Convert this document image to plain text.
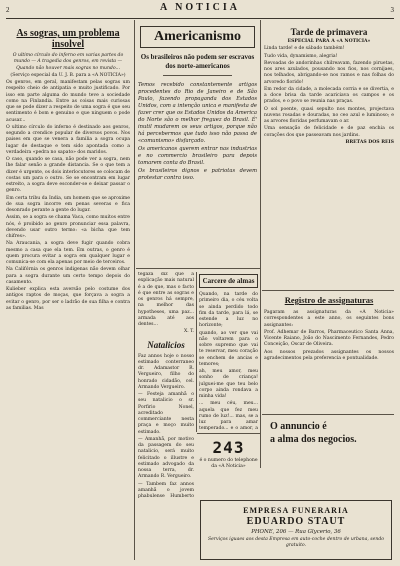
2	A NOTICIA	3
As sogras, um problema insolvel
O ultimo círculo do inferno em varias partes do mundo — A tragedia dos genros, em revista — Quando não houver mais sogras no mundo...
(Serviço especial da U. J. B. para a «A NOTICIA»)

Os genros, em geral, manifestam pelas sogras um respeito cheio de antipatia e muito justificado. Por isso em parte alguma do mundo teve a sociedade como na Finlandia. Entre as coisas mais curiosas que se pode dizer a respeito de uma sogra é que seu sentimento é bom e genuino e que ninguem o pode acusar...

O ultimo círculo do inferno é destinado aos genros, segundo a crendice popular de diversos povos. Nos paises em que se venera a familia a sogra ocupa lugar de destaque e tem sido apontada como a verdadeira «pedra no sapato» dos maridos.

O caso, quando se casa, não pode ver a sogra, nem lhe falar senão a grande distancia. Se o que tem a dizer é urgente, os dois interlocutores se colocam de costas um para o outro. Se se encontram em lugar estreito, a sogra deve esconder-se e deixar passar o genro.

Em certa tribu da India, um homem que se aproxime de sua sogra incorre em penas severas e fica desonrado perante a gente do lugar.

Assim, se a sogra se chama Vaca, como muitos entre nós, é proibido ao genro pronunciar essa palavra, devendo usar outro termo: «a bicha que tem chifres».

Na Araucania, a sogra deve fugir quando cobra mesmo a casa que ela tem. Em outras, o genro é quem procura evitar a sogra em qualquer lugar e comunica-se com ela apenas por meio de terceiros.

Na Califórnia os genros indigenas não devem olhar para a sogra durante um certo tempo depois do casamento.

Kulieber explica esta aversão pelo costume dos antigos raptos de moças, que forçava a sogra a evitar o genro, por ser o ladrão de sua filha e contra as familias. Mas

Americanismo
Os brasileiros não podem ser escravos dos norte-americanos

Temos recebido constantemente artigos procedentes do Rio de Janeiro e de São Paulo, fazendo propaganda dos Estados Unidos, com a intenção unica e manifesta de fazer crer que os Estados Unidos da America do Norte são o melhor freguez do Brasil. É' inutil mudarem os seus artigos, porque não há percebermos que tudo isso não passa de «comunismo» disfarçado.

Os americanos querem entrar nas industrias e no commercio brasileiro para depois tomarem conta do Brasil.

Os brasileiros dignos e patriotas devem protestar contra isso.

tegaza diz que a explicação mais natural é a de que, mas o facto é que entre as sogras e os genros há sempre, na melhor das hypotheses, uma paz... armada até aos dentes...

X. T.

Natalicios

Faz annos hoje o nosso estimado conterraneo dr. Adamastor R. Vergueiro, filho do honrado cidadão, cel. Armando Vergueiro.

— Festeja amanhã o seu natalicio o sr. Porfirio Nonel, acreditado commerciante nesta praça e moço muito estimado.

— Amanhã, por motivo da passagem do seu natalicio, será muito felicitado o illustre e estimado advogado da nossa terra, dr. Armando R. Vergueiro.

— Tambem faz annos amanhã o jovem phabulense Humberto

Carcere de almas

Quando, na tarde do primeiro dia, o céu volta se ainda perdido todo fim da tarde, para lá, se estende a luz no horizonte;

quando, ao ver que vai não voltarem para o sobre supremo que vai te reservar, meu coração se enchem de ancias e temores;

ah, meu amor, meu sonho de criança! julguei-me que teu belo corpo ainda rondava a minha vida!

... meu céu, meu... aquela que fez meu rumo de luz!... mas, se a luz para amar temperado... e o amor, a

243
é o numero do telephone da «A Noticia»
Tarde de primavera
ESPECIAL PARA A «A NOTICIA»

Linda tarde! e de sábado também!

Tudo vida, dynamismo, alegria!

Revoadas de andorinhas chilreavam, fazendo piruetas, nos ares azulados, pousando nos fios, nos cornijaes, nos telhados, abrigando-se nos ramos e nas folhas do arvoredo florido!

Em redor da cidade, a molecada corria e se divertia, e a doce brisa da tarde acariciava os campos e os prados, e o povo se reunia nas praças.

O sol poente, quasi sepulto nos montes, projectava nuvens rosadas e douradas, no ceo azul e luminoso; e as arvores floridas perfumavam o ar.

Uma sensação de felicidade e de paz enchia os corações dos que passeavam nos jardins.

BRETAS DOS REIS

Registro de assignaturas

Pagaram as assignaturas da «A Noticia» correspondentes a este anno, os seguintes bons assignantes:

Prof. Adhemar de Barros, Pharmaceutico Santa Anna, Vicente Raiano, João do Nascimento Fernandes, Pedro Conceição, Oscar de Oliveira.

Aos nossos prezados assignantes os nossos agradecimentos pela preferencia e pontualidade.

O annuncio é
a alma dos negocios.
EMPRESA FUNERARIA
EDUARDO STAUT
PHONE, 206 — Rua Glycerio, 36
Serviços iguaes aos desta Empresa em auto-coche dentro de urbana, sendo gratuito.
